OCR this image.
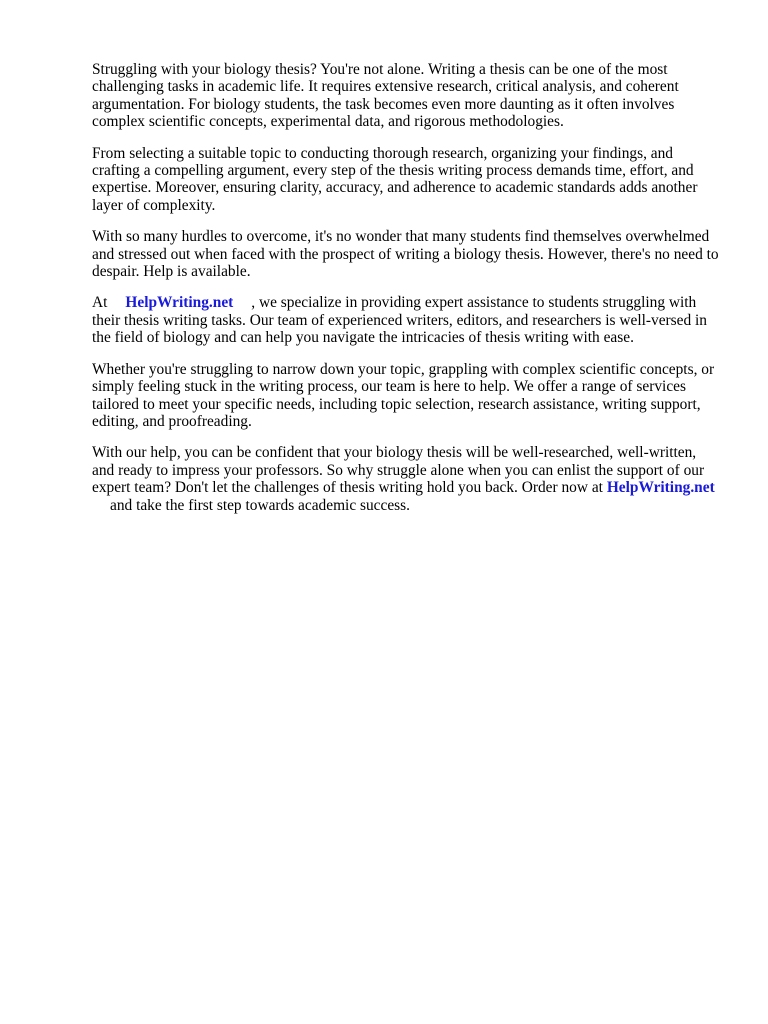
Struggling with your biology thesis? You're not alone. Writing a thesis can be one of the most challenging tasks in academic life. It requires extensive research, critical analysis, and coherent argumentation. For biology students, the task becomes even more daunting as it often involves complex scientific concepts, experimental data, and rigorous methodologies.

From selecting a suitable topic to conducting thorough research, organizing your findings, and crafting a compelling argument, every step of the thesis writing process demands time, effort, and expertise. Moreover, ensuring clarity, accuracy, and adherence to academic standards adds another layer of complexity.

With so many hurdles to overcome, it's no wonder that many students find themselves overwhelmed and stressed out when faced with the prospect of writing a biology thesis. However, there's no need to despair. Help is available.

At HelpWriting.net , we specialize in providing expert assistance to students struggling with their thesis writing tasks. Our team of experienced writers, editors, and researchers is well-versed in the field of biology and can help you navigate the intricacies of thesis writing with ease.

Whether you're struggling to narrow down your topic, grappling with complex scientific concepts, or simply feeling stuck in the writing process, our team is here to help. We offer a range of services tailored to meet your specific needs, including topic selection, research assistance, writing support, editing, and proofreading.

With our help, you can be confident that your biology thesis will be well-researched, well-written, and ready to impress your professors. So why struggle alone when you can enlist the support of our expert team? Don't let the challenges of thesis writing hold you back. Order now at HelpWriting.netand take the first step towards academic success.
